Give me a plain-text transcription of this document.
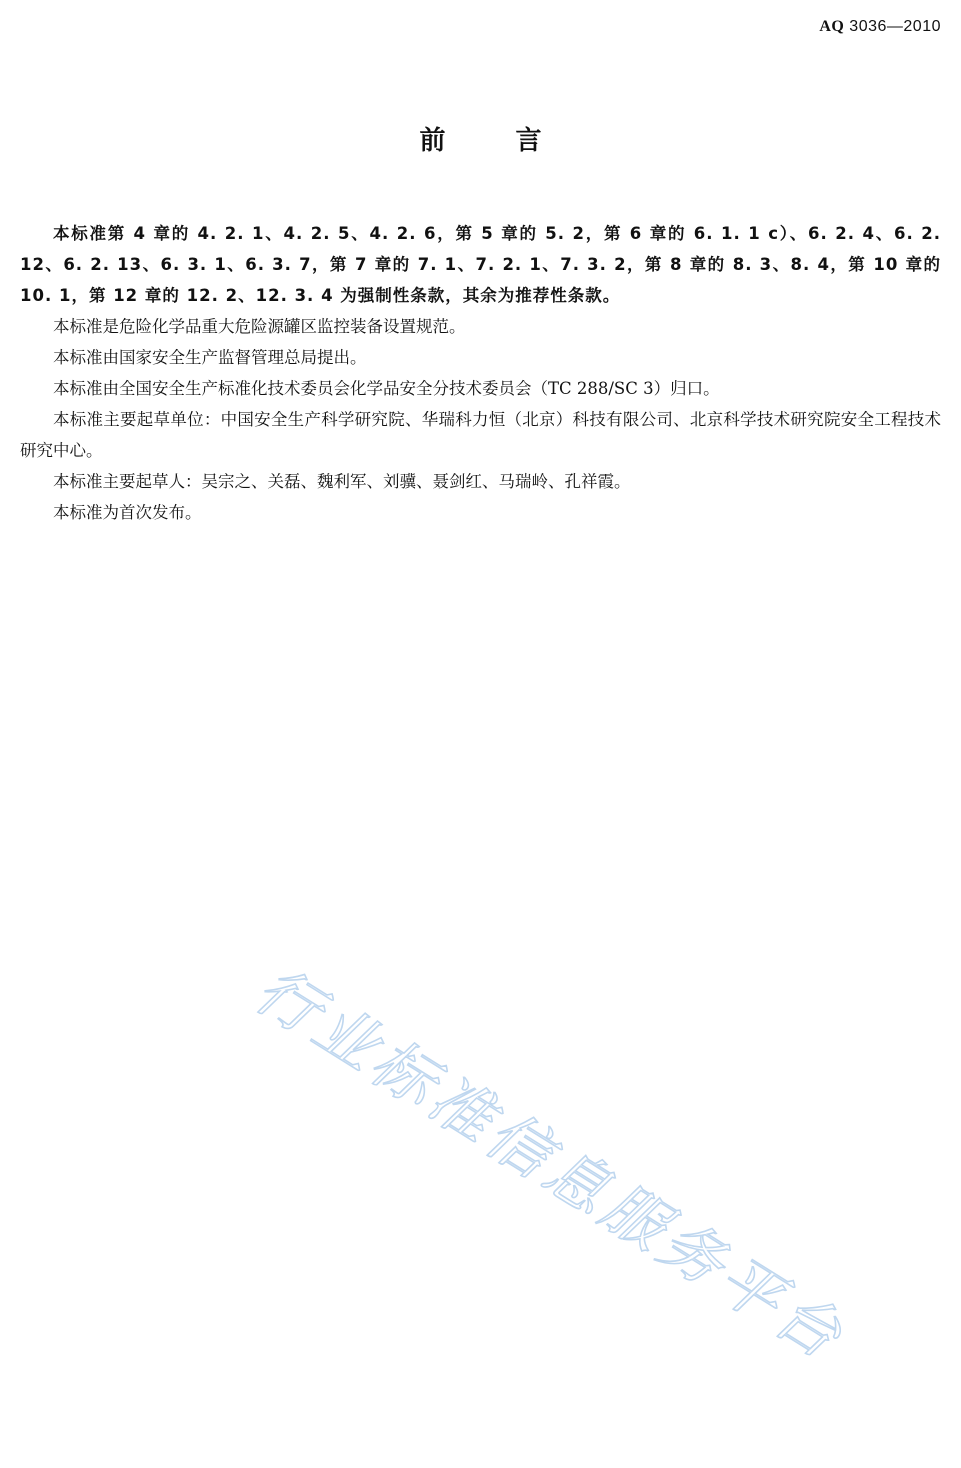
AQ 3036—2010
前言

本标准第 4 章的 4. 2. 1、4. 2. 5、4. 2. 6，第 5 章的 5. 2，第 6 章的 6. 1. 1 c）、6. 2. 4、6. 2. 12、6. 2. 13、6. 3. 1、6. 3. 7，第 7 章的 7. 1、7. 2. 1、7. 3. 2，第 8 章的 8. 3、8. 4，第 10 章的 10. 1，第 12 章的 12. 2、12. 3. 4 为强制性条款，其余为推荐性条款。

本标准是危险化学品重大危险源罐区监控装备设置规范。

本标准由国家安全生产监督管理总局提出。

本标准由全国安全生产标准化技术委员会化学品安全分技术委员会（TC 288/SC 3）归口。

本标准主要起草单位：中国安全生产科学研究院、华瑞科力恒（北京）科技有限公司、北京科学技术研究院安全工程技术研究中心。

本标准主要起草人：吴宗之、关磊、魏利军、刘骥、聂剑红、马瑞岭、孔祥霞。

本标准为首次发布。

行业标准信息服务平台
